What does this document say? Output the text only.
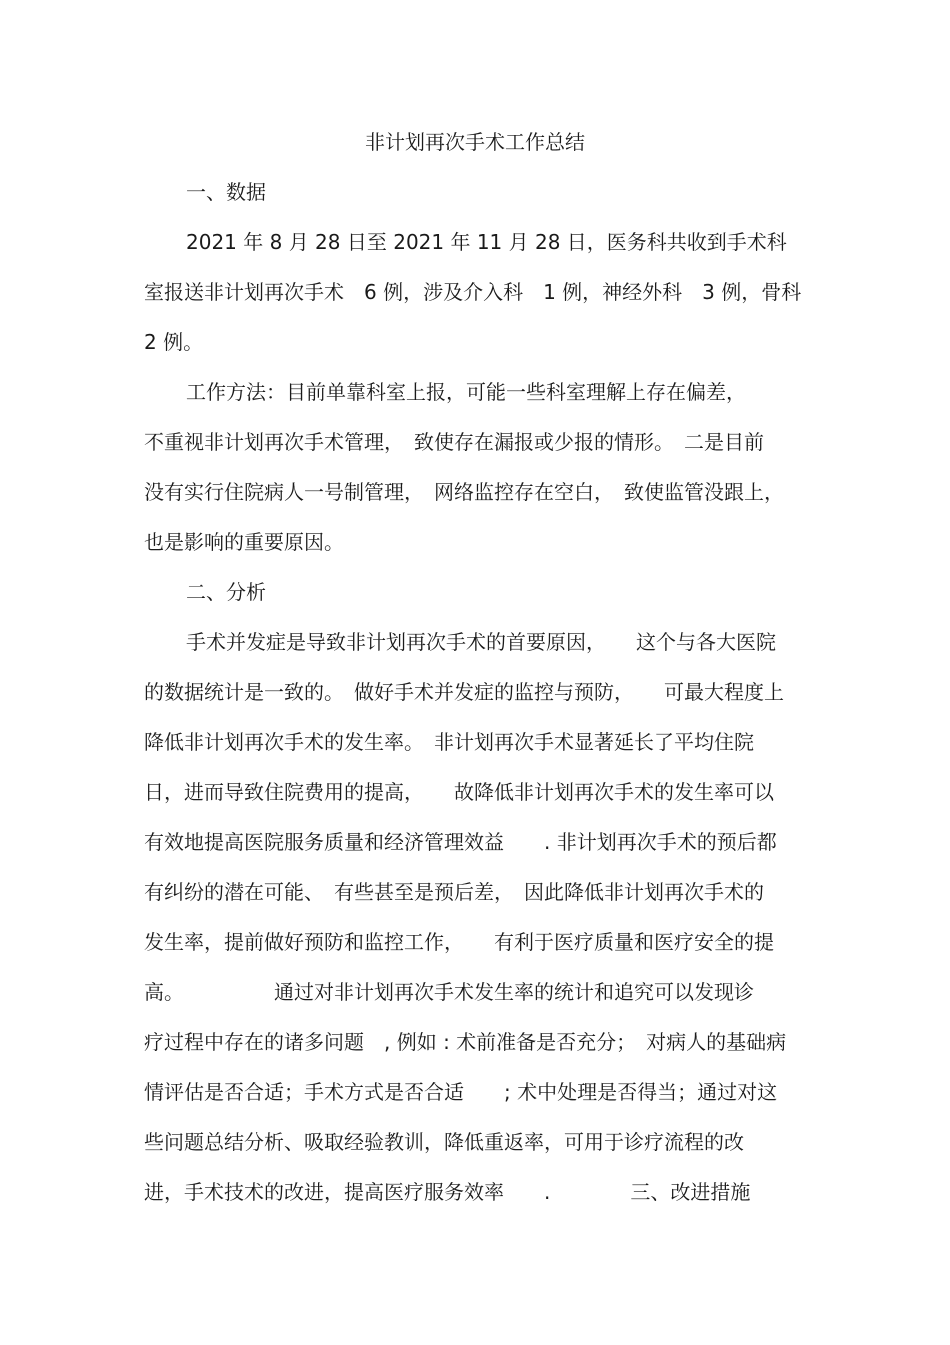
非计划再次手术工作总结
一、数据
2021 年 8 月 28 日至 2021 年 11 月 28 日，医务科共收到手术科
室报送非计划再次手术　6 例，涉及介入科　1 例，神经外科　3 例，骨科
2 例。
工作方法：目前单靠科室上报，可能一些科室理解上存在偏差，
不重视非计划再次手术管理，　致使存在漏报或少报的情形。　二是目前
没有实行住院病人一号制管理，　网络监控存在空白，　致使监管没跟上，
也是影响的重要原因。
二、分析
手术并发症是导致非计划再次手术的首要原因，　　这个与各大医院
的数据统计是一致的。　做好手术并发症的监控与预防，　　可最大程度上
降低非计划再次手术的发生率。　非计划再次手术显著延长了平均住院
日，进而导致住院费用的提高，　　故降低非计划再次手术的发生率可以
有效地提高医院服务质量和经济管理效益　　. 非计划再次手术的预后都
有纠纷的潜在可能、　有些甚至是预后差，　因此降低非计划再次手术的
发生率，提前做好预防和监控工作，　　有利于医疗质量和医疗安全的提
高。　　　　　通过对非计划再次手术发生率的统计和追究可以发现诊
疗过程中存在的诸多问题　, 例如 : 术前准备是否充分；　对病人的基础病
情评估是否合适；手术方式是否合适　　; 术中处理是否得当；通过对这
些问题总结分析、吸取经验教训，降低重返率，可用于诊疗流程的改
进，手术技术的改进，提高医疗服务效率　　.　　　　三、改进措施
